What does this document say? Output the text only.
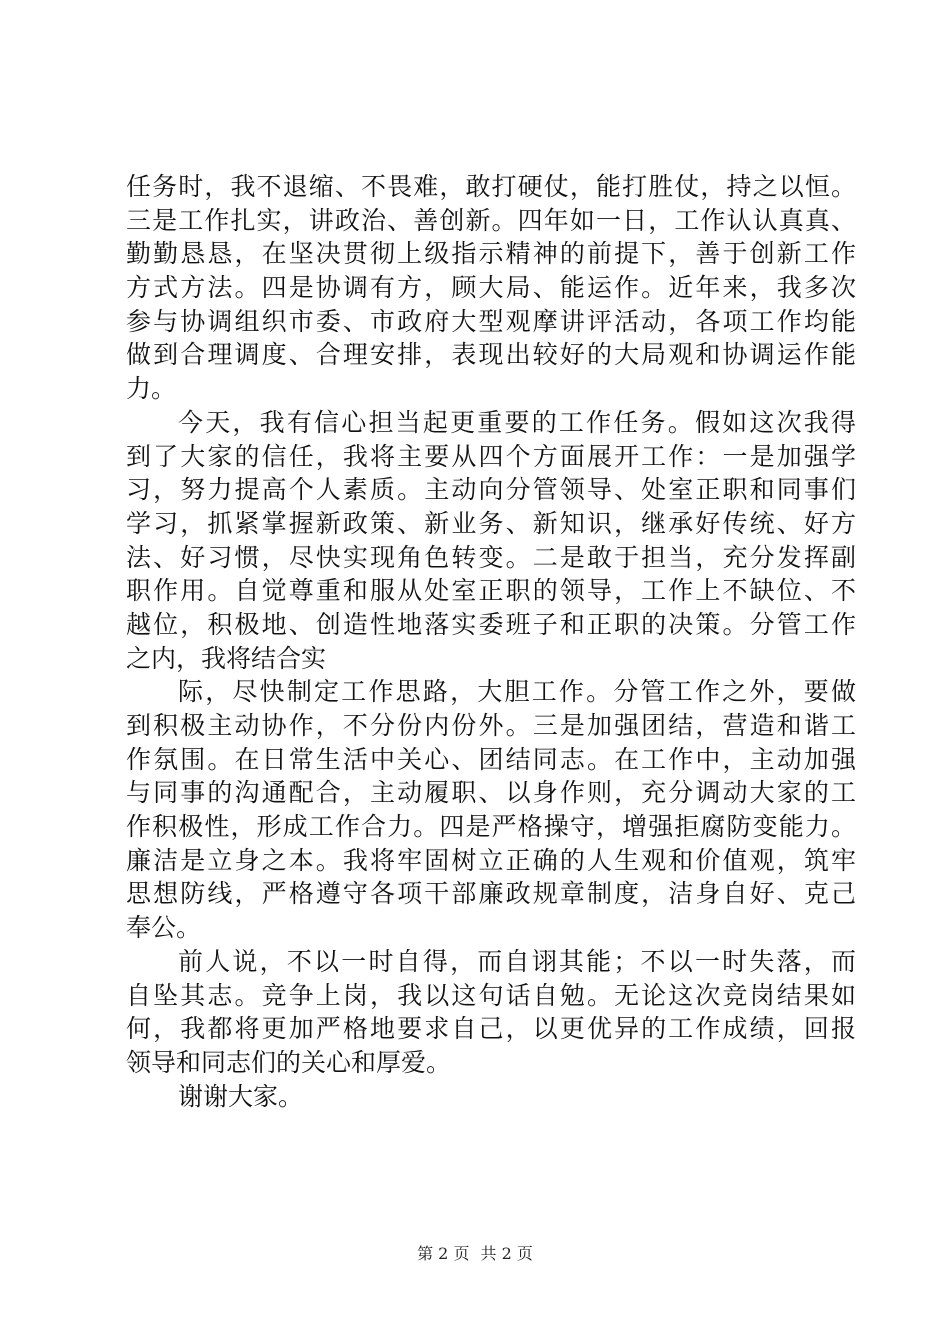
任务时，我不退缩、不畏难，敢打硬仗，能打胜仗，持之以恒。
三是工作扎实，讲政治、善创新。四年如一日，工作认认真真、
勤勤恳恳，在坚决贯彻上级指示精神的前提下，善于创新工作
方式方法。四是协调有方，顾大局、能运作。近年来，我多次
参与协调组织市委、市政府大型观摩讲评活动，各项工作均能
做到合理调度、合理安排，表现出较好的大局观和协调运作能
力。
今天，我有信心担当起更重要的工作任务。假如这次我得
到了大家的信任，我将主要从四个方面展开工作：一是加强学
习，努力提高个人素质。主动向分管领导、处室正职和同事们
学习，抓紧掌握新政策、新业务、新知识，继承好传统、好方
法、好习惯，尽快实现角色转变。二是敢于担当，充分发挥副
职作用。自觉尊重和服从处室正职的领导，工作上不缺位、不
越位，积极地、创造性地落实委班子和正职的决策。分管工作
之内，我将结合实
际，尽快制定工作思路，大胆工作。分管工作之外，要做
到积极主动协作，不分份内份外。三是加强团结，营造和谐工
作氛围。在日常生活中关心、团结同志。在工作中，主动加强
与同事的沟通配合，主动履职、以身作则，充分调动大家的工
作积极性，形成工作合力。四是严格操守，增强拒腐防变能力。
廉洁是立身之本。我将牢固树立正确的人生观和价值观，筑牢
思想防线，严格遵守各项干部廉政规章制度，洁身自好、克己
奉公。
前人说，不以一时自得，而自诩其能；不以一时失落，而
自坠其志。竞争上岗，我以这句话自勉。无论这次竞岗结果如
何，我都将更加严格地要求自己，以更优异的工作成绩，回报
领导和同志们的关心和厚爱。
谢谢大家。
第 2 页 共 2 页
